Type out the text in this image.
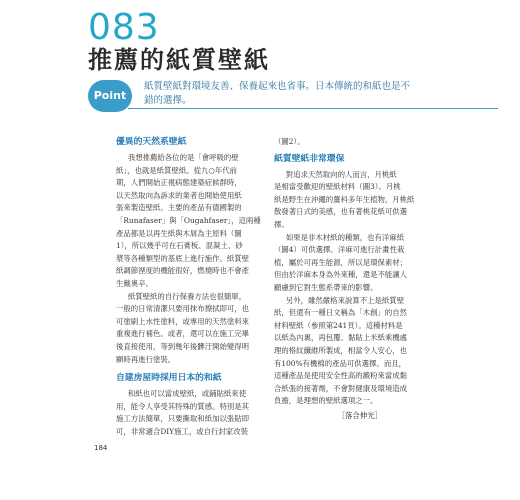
083
推薦的紙質壁紙
Point
紙質壁紙對環境友善、保養起來也省事。日本傳統的和紙也是不
錯的選擇。
優異的天然系壁紙
我想推薦給各位的是「會呼吸的壁
紙」，也就是紙質壁紙。從九○年代前
期，人們開始正視病態建築症候群時，
以天然取向為訴求的業者也開始使用紙
張來製造壁紙。主要的產品有德國製的
「Runafaser」與「Ougahfaser」，這兩種
產品都是以再生紙與木屑為主原料（圖
1），所以幾乎可在石膏板、混凝土、砂
漿等各種類型的基底上進行施作。紙質壁
紙調節溼度的機能很好，燃燒時也不會產
生戴奧辛。
紙質壁紙的自行保養方法也很簡單，
一般的日常清潔只要用抹布擦拭即可，也
可塗刷上水性塗料，或專用的天然塗料來
重複進行補色。或者，還可以在施工完畢
後直接使用，等到幾年後髒汙開始變得明
顯時再進行塗裝。
自建房屋時採用日本的和紙
和紙也可以當成壁紙，或鋪貼紙來使
用，能令人享受其特殊的質感。特別是其
施工方法簡單，只要撕取和紙加以張貼即
可，非常適合DIY施工，或自行封家改裝
（圖2）。
紙質壁紙非常環保
對追求天然取向的人而言，月桃紙
是相當受歡迎的壁紙材料（圖3）。月桃
紙是野生在沖繩的薑科多年生植物，月桃紙
散發著日式的美感，也有著桃花紙可供選
擇。
如果是非木材紙的種類，也有洋麻紙
（圖4）可供選擇。洋麻可進行計畫性栽
植，屬於可再生能源，所以是環保素材；
但由於洋麻本身為外來種，還是不能讓人
顧慮到它對生態系帶來的影響。
另外，雖然嚴格來說算不上是紙質壁
紙，但還有一種日文稱為「木創」的自然
材料壁紙（參照第241頁）。這種材料是
以紙為內裏，再包覆、黏貼上米紙乘機處
理的格紋纖維所製成，相當令人安心，也
有100%有機棉的產品可供選擇。而且，
這種產品是使用安全性高的澱粉來當成黏
合紙張的接著劑，不會對健康及環境造成
負擔，是理想的壁紙選項之一。
［落合伸光］
184
